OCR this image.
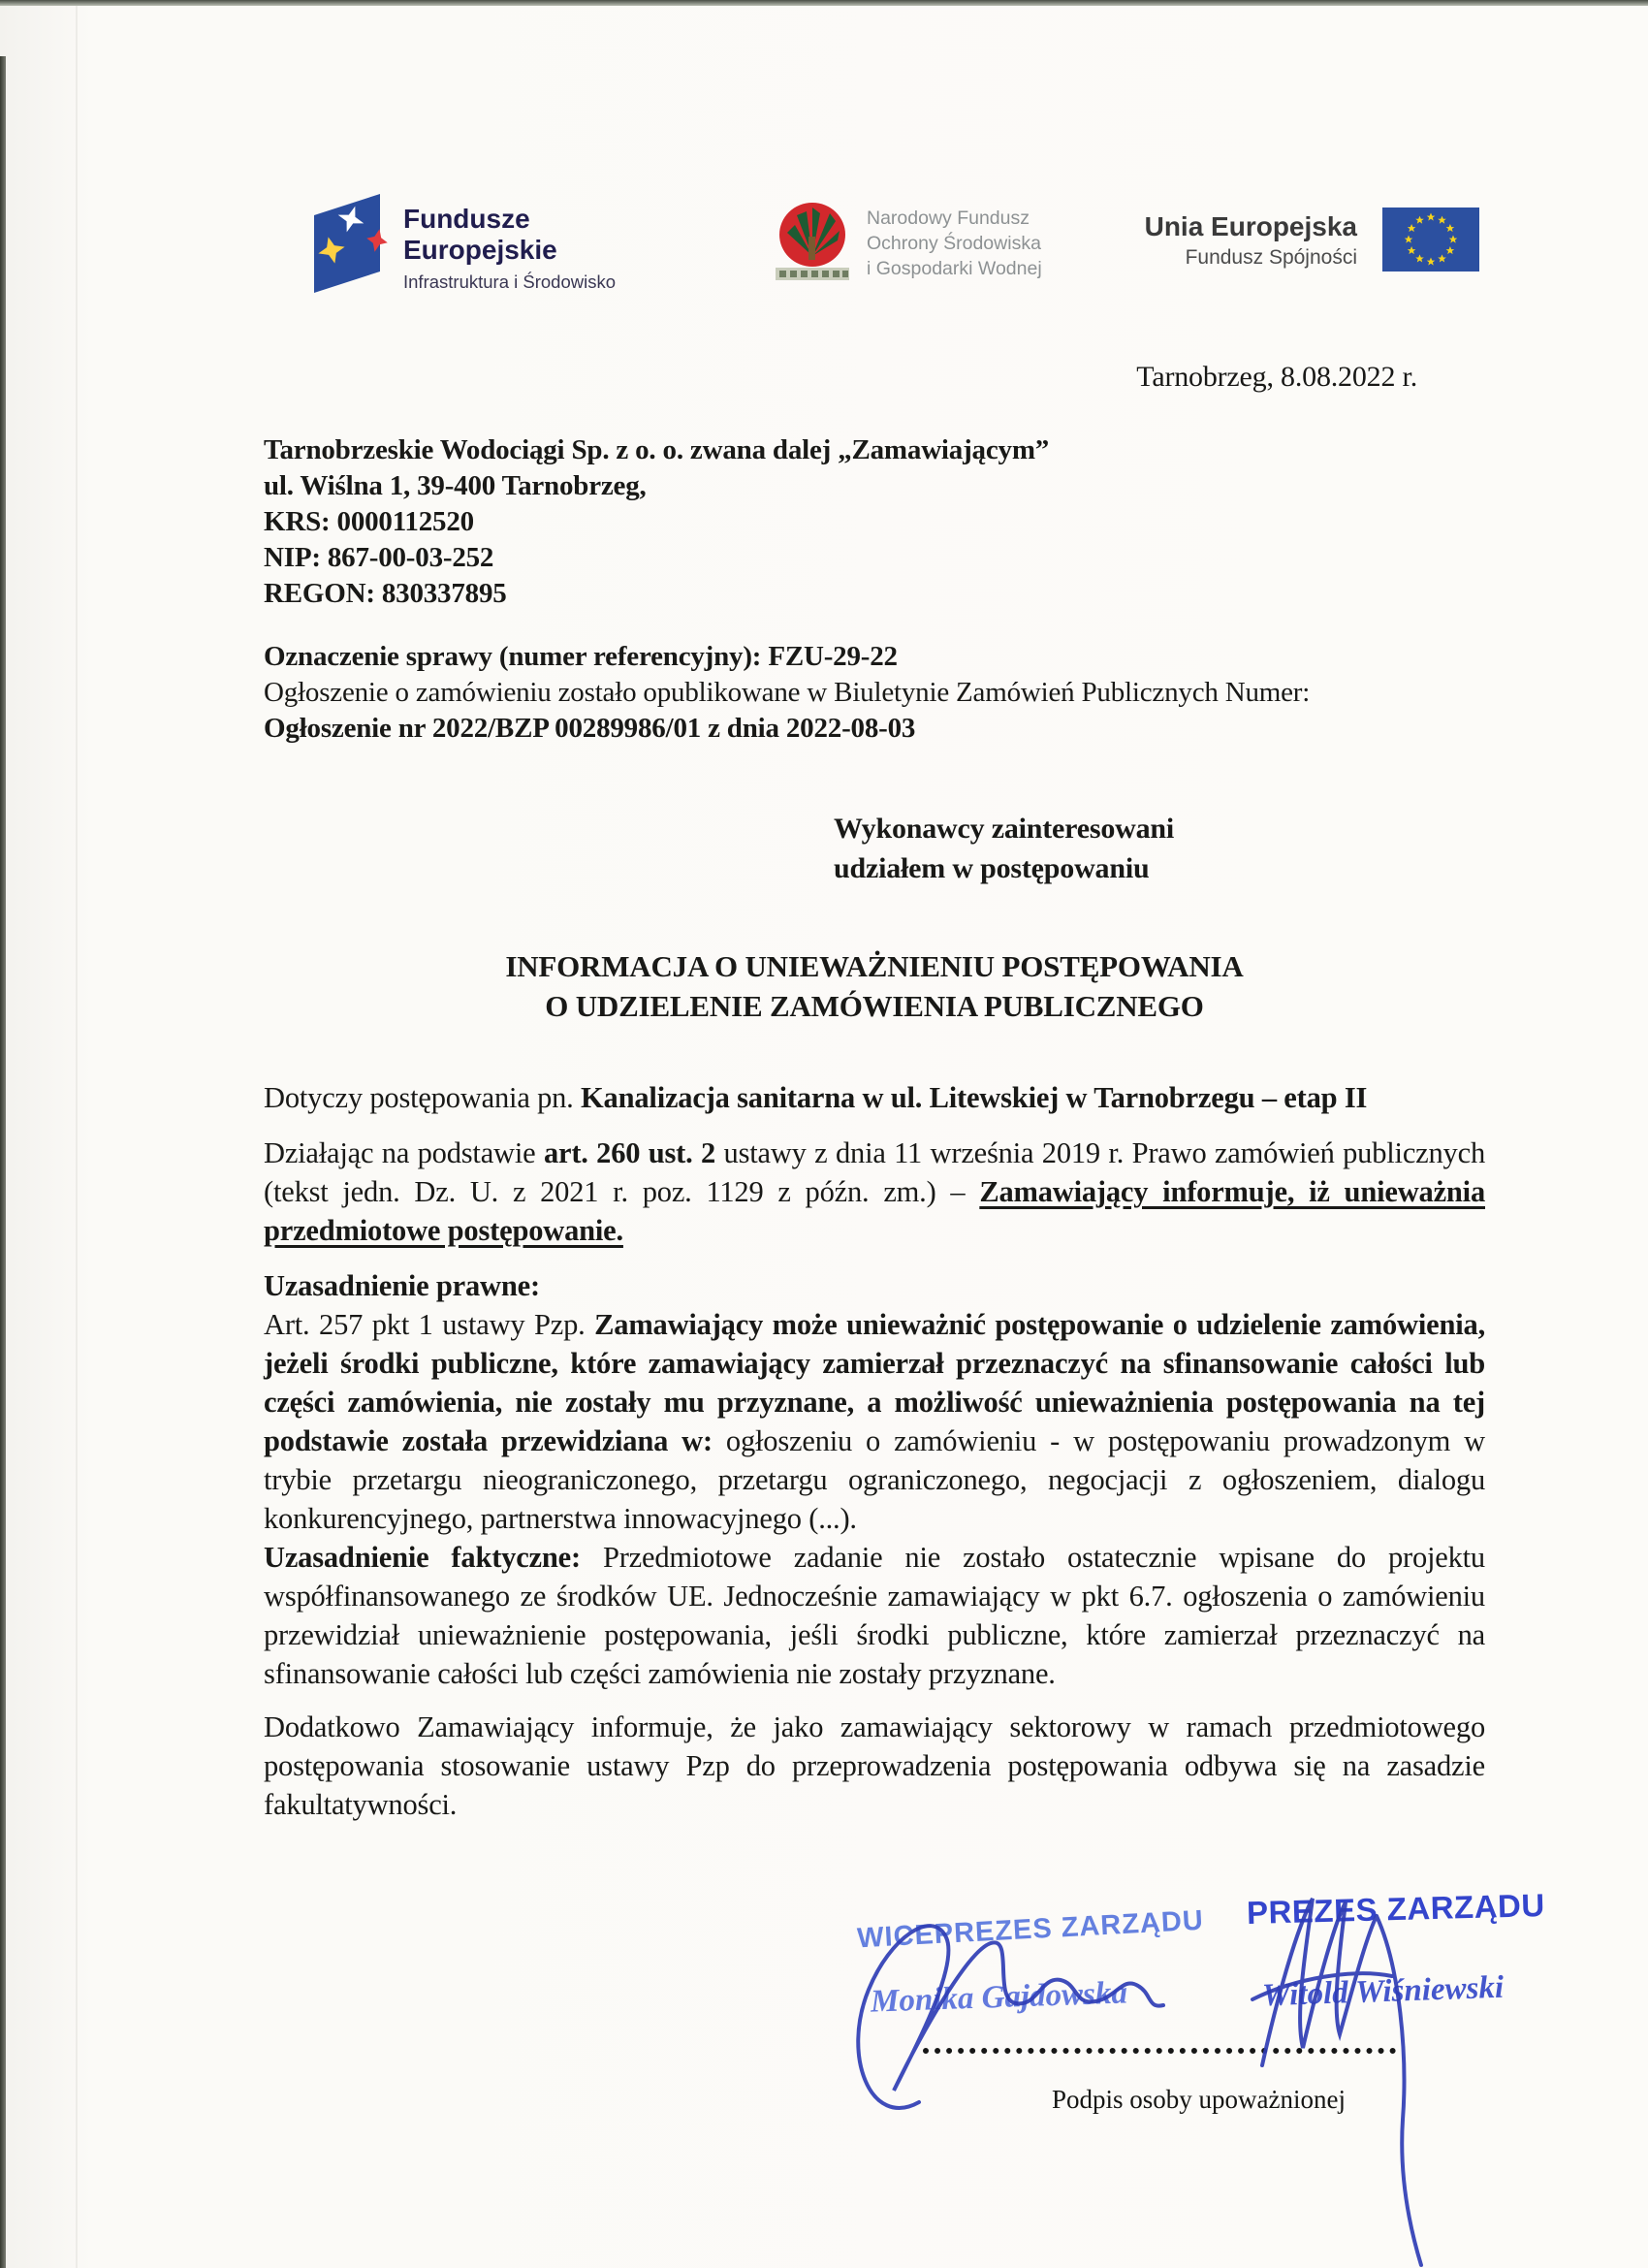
Fundusze
Europejskie
Infrastruktura i Środowisko
Narodowy Fundusz
Ochrony Środowiska
i Gospodarki Wodnej
Unia Europejska
Fundusz Spójności
Tarnobrzeg, 8.08.2022 r.
Tarnobrzeskie Wodociągi Sp. z o. o. zwana dalej „Zamawiającym”
ul. Wiślna 1, 39-400 Tarnobrzeg,
KRS: 0000112520
NIP: 867-00-03-252
REGON: 830337895
Oznaczenie sprawy (numer referencyjny): FZU-29-22
Ogłoszenie o zamówieniu zostało opublikowane w Biuletynie Zamówień Publicznych Numer:
Ogłoszenie nr 2022/BZP 00289986/01 z dnia 2022-08-03
Wykonawcy zainteresowani
udziałem w postępowaniu
INFORMACJA O UNIEWAŻNIENIU POSTĘPOWANIA
O UDZIELENIE ZAMÓWIENIA PUBLICZNEGO

Dotyczy postępowania pn. Kanalizacja sanitarna w ul. Litewskiej w Tarnobrzegu – etap II

Działając na podstawie art. 260 ust. 2 ustawy z dnia 11 września 2019 r. Prawo zamówień publicznych (tekst jedn. Dz. U. z 2021 r. poz. 1129 z późn. zm.) – Zamawiający informuje, iż unieważnia przedmiotowe postępowanie.

Uzasadnienie prawne:
Art. 257 pkt 1 ustawy Pzp. Zamawiający może unieważnić postępowanie o udzielenie zamówienia, jeżeli środki publiczne, które zamawiający zamierzał przeznaczyć na sfinansowanie całości lub części zamówienia, nie zostały mu przyznane, a możliwość unieważnienia postępowania na tej podstawie została przewidziana w: ogłoszeniu o zamówieniu - w postępowaniu prowadzonym w trybie przetargu nieograniczonego, przetargu ograniczonego, negocjacji z ogłoszeniem, dialogu konkurencyjnego, partnerstwa innowacyjnego (...).

Uzasadnienie faktyczne: Przedmiotowe zadanie nie zostało ostatecznie wpisane do projektu współfinansowanego ze środków UE. Jednocześnie zamawiający w pkt 6.7. ogłoszenia o zamówieniu przewidział unieważnienie postępowania, jeśli środki publiczne, które zamierzał przeznaczyć na sfinansowanie całości lub części zamówienia nie zostały przyznane.

Dodatkowo Zamawiający informuje, że jako zamawiający sektorowy w ramach przedmiotowego postępowania stosowanie ustawy Pzp do przeprowadzenia postępowania odbywa się na zasadzie fakultatywności.

WICEPREZES ZARZĄDU PREZES ZARZĄDU
Monika Gajdowska	Witold Wiśniewski
Podpis osoby upoważnionej
